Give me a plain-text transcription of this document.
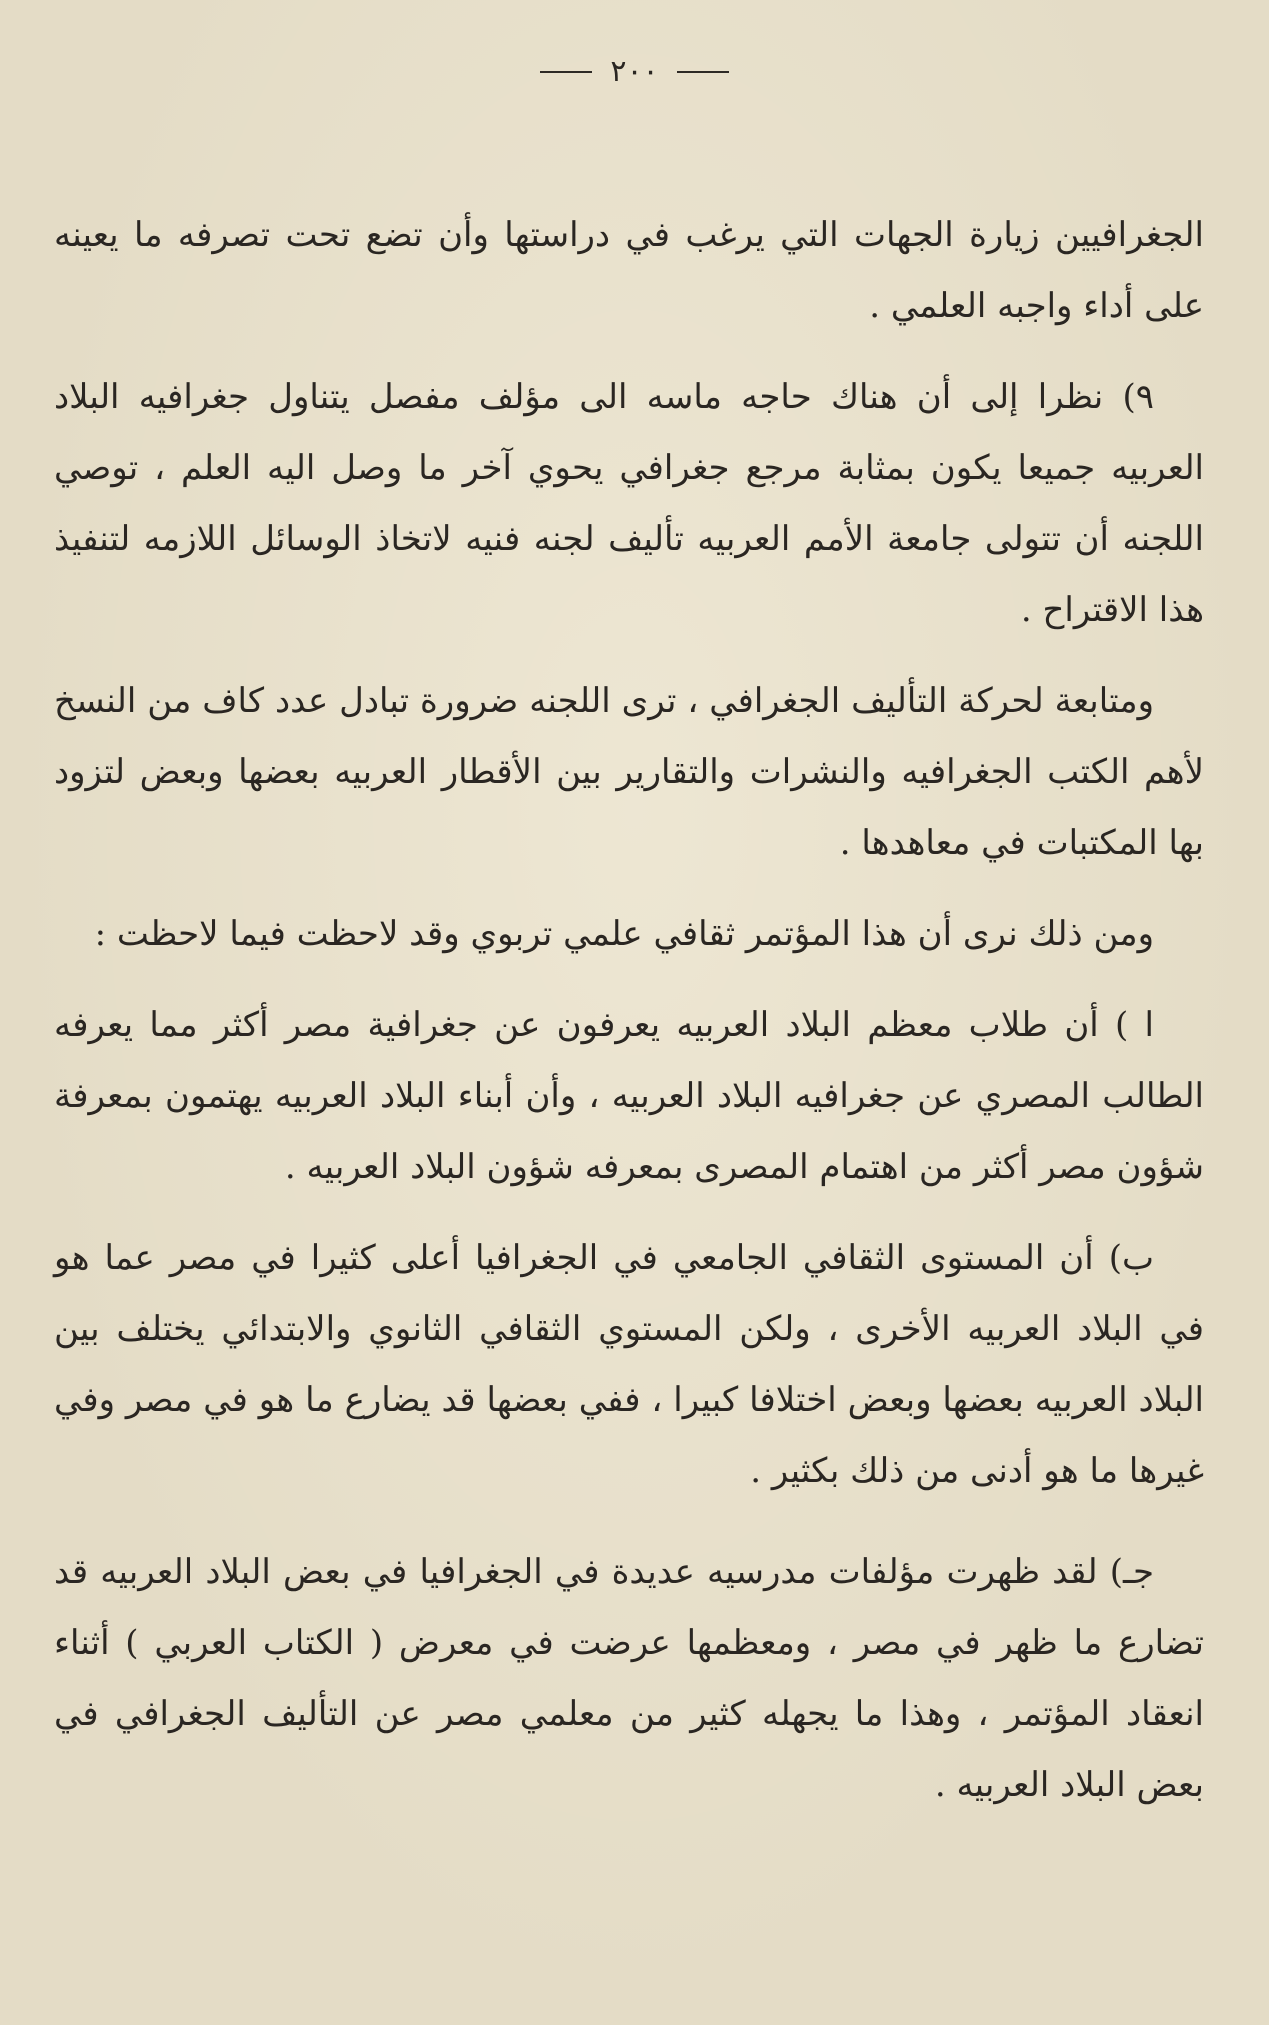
٢٠٠

الجغرافيين زيارة الجهات التي يرغب في دراستها وأن تضع تحت تصرفه ما يعينه على أداء واجبه العلمي .

٩) نظرا إلى أن هناك حاجه ماسه الى مؤلف مفصل يتناول جغرافيه البلاد العربيه جميعا يكون بمثابة مرجع جغرافي يحوي آخر ما وصل اليه العلم ، توصي اللجنه أن تتولى جامعة الأمم العربيه تأليف لجنه فنيه لاتخاذ الوسائل اللازمه لتنفيذ هذا الاقتراح .

ومتابعة لحركة التأليف الجغرافي ، ترى اللجنه ضرورة تبادل عدد كاف من النسخ لأهم الكتب الجغرافيه والنشرات والتقارير بين الأقطار العربيه بعضها وبعض لتزود بها المكتبات في معاهدها .

ومن ذلك نرى أن هذا المؤتمر ثقافي علمي تربوي وقد لاحظت فيما لاحظت :

ا ) أن طلاب معظم البلاد العربيه يعرفون عن جغرافية مصر أكثر مما يعرفه الطالب المصري عن جغرافيه البلاد العربيه ، وأن أبناء البلاد العربيه يهتمون بمعرفة شؤون مصر أكثر من اهتمام المصرى بمعرفه شؤون البلاد العربيه .

ب) أن المستوى الثقافي الجامعي في الجغرافيا أعلى كثيرا في مصر عما هو في البلاد العربيه الأخرى ، ولكن المستوي الثقافي الثانوي والابتدائي يختلف بين البلاد العربيه بعضها وبعض اختلافا كبيرا ، ففي بعضها قد يضارع ما هو في مصر وفي غيرها ما هو أدنى من ذلك بكثير .

جـ) لقد ظهرت مؤلفات مدرسيه عديدة في الجغرافيا في بعض البلاد العربيه قد تضارع ما ظهر في مصر ، ومعظمها عرضت في معرض ( الكتاب العربي ) أثناء انعقاد المؤتمر ، وهذا ما يجهله كثير من معلمي مصر عن التأليف الجغرافي في بعض البلاد العربيه .
